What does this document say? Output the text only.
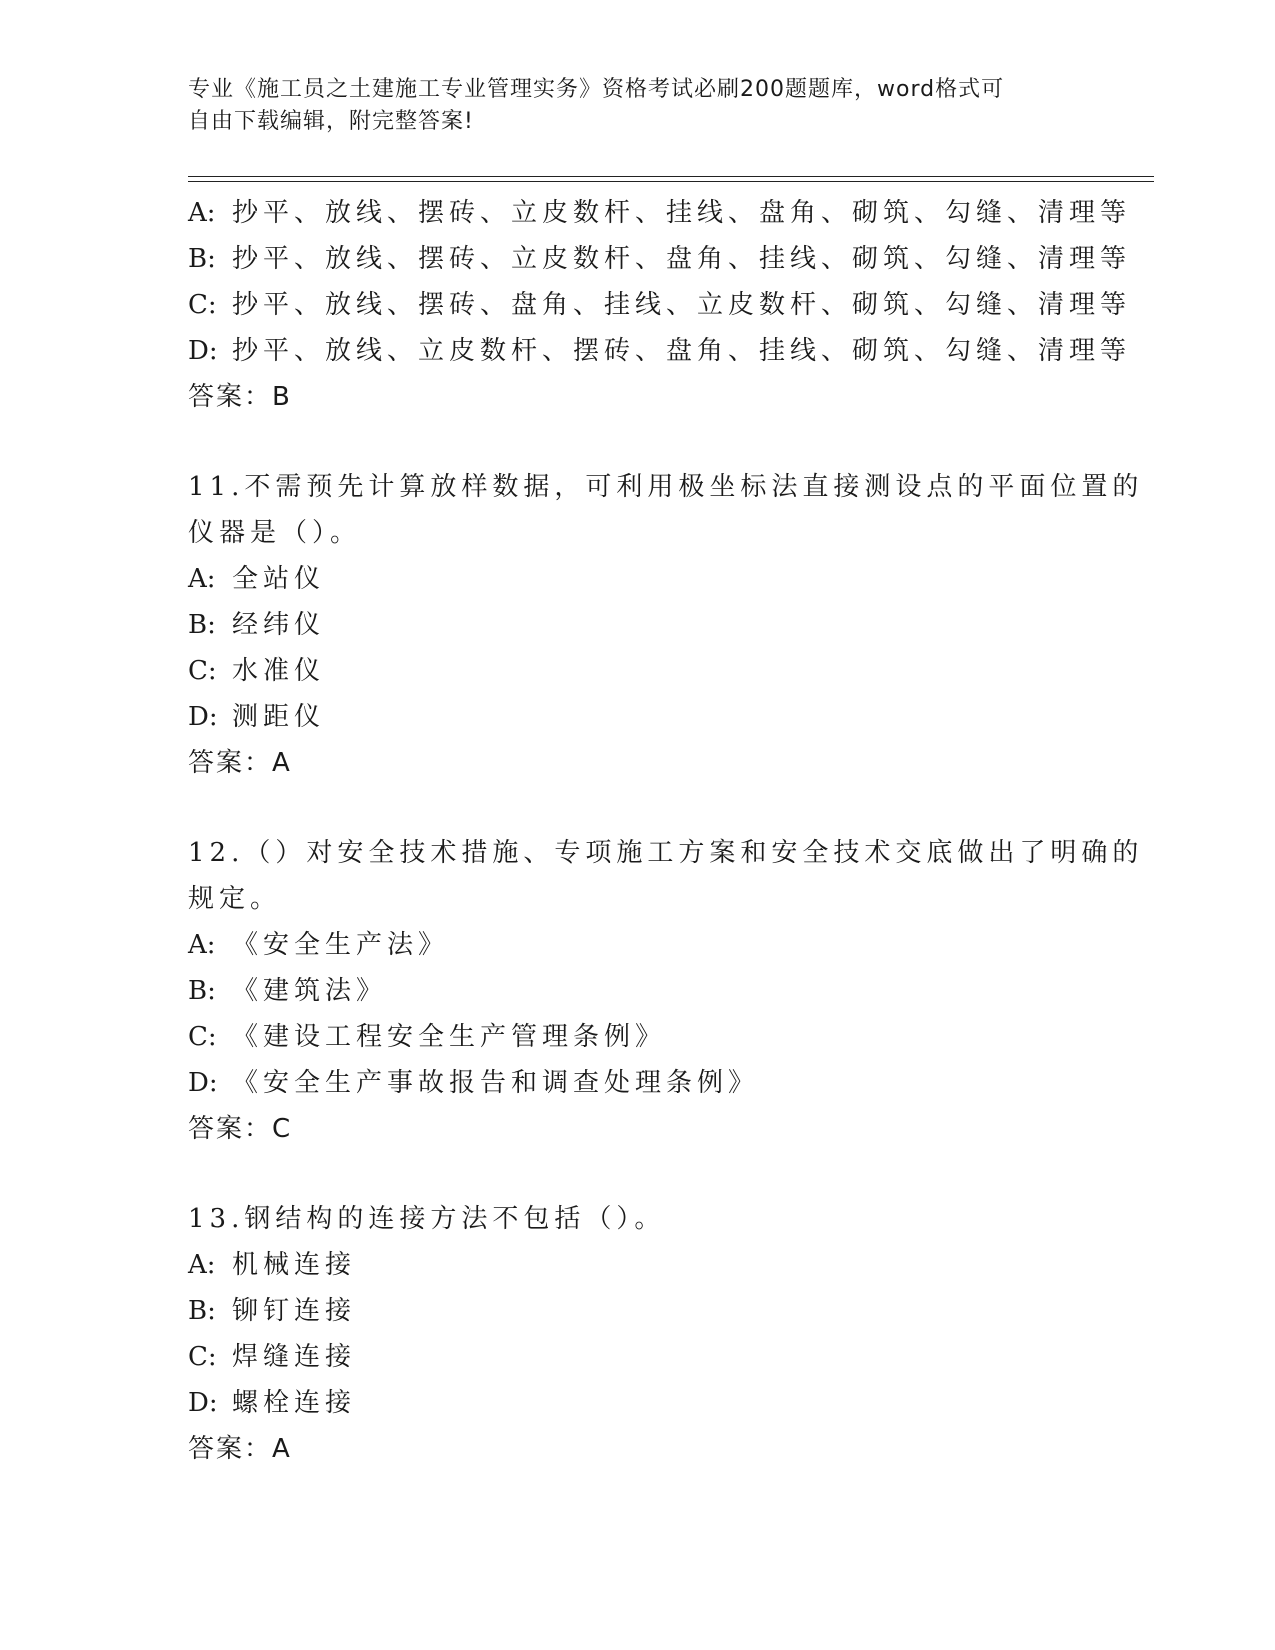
专业《施工员之土建施工专业管理实务》资格考试必刷200题题库，word格式可
自由下载编辑，附完整答案!
A: 抄平、放线、摆砖、立皮数杆、挂线、盘角、砌筑、勾缝、清理等
B: 抄平、放线、摆砖、立皮数杆、盘角、挂线、砌筑、勾缝、清理等
C: 抄平、放线、摆砖、盘角、挂线、立皮数杆、砌筑、勾缝、清理等
D: 抄平、放线、立皮数杆、摆砖、盘角、挂线、砌筑、勾缝、清理等
答案：B
11.不需预先计算放样数据，可利用极坐标法直接测设点的平面位置的
仪器是（）。
A: 全站仪
B: 经纬仪
C: 水准仪
D: 测距仪
答案：A
12.（）对安全技术措施、专项施工方案和安全技术交底做出了明确的
规定。
A: 《安全生产法》
B: 《建筑法》
C: 《建设工程安全生产管理条例》
D: 《安全生产事故报告和调查处理条例》
答案：C
13.钢结构的连接方法不包括（）。
A: 机械连接
B: 铆钉连接
C: 焊缝连接
D: 螺栓连接
答案：A
